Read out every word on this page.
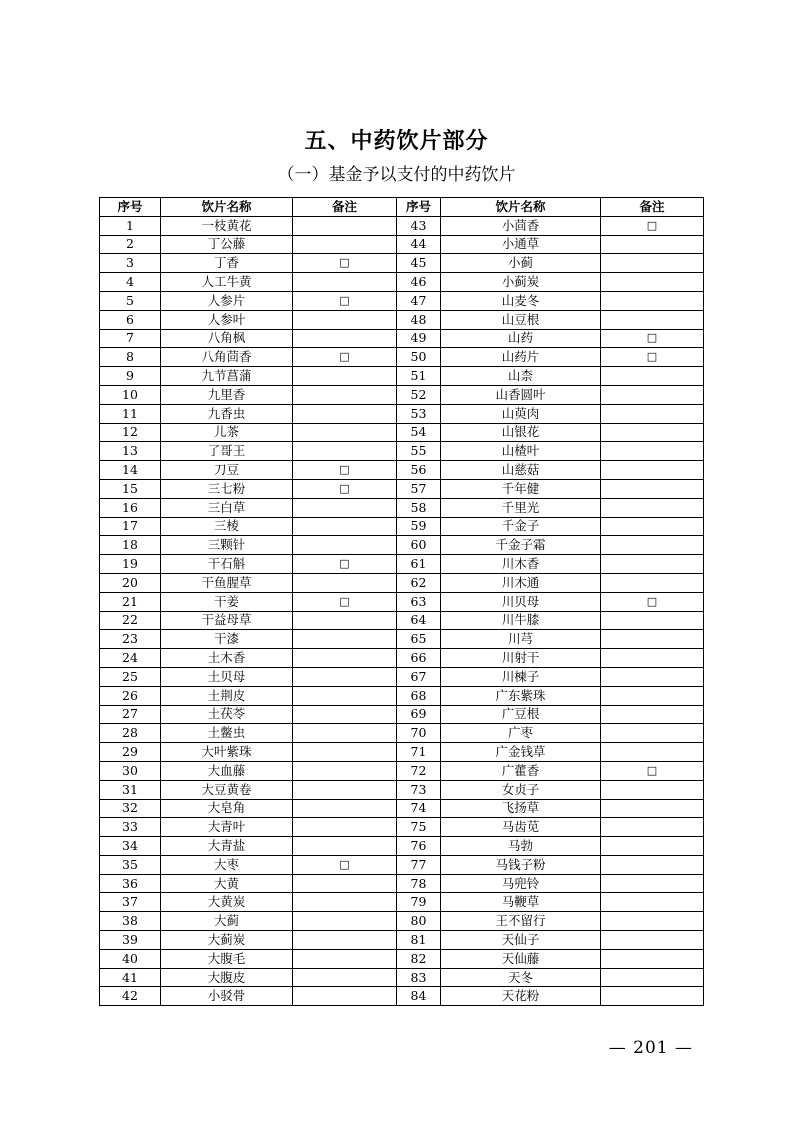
五、中药饮片部分
（一）基金予以支付的中药饮片
序号	饮片名称	备注	序号	饮片名称	备注
1	一枝黄花		43	小茴香	□
2	丁公藤		44	小通草	
3	丁香	□	45	小蓟	
4	人工牛黄		46	小蓟炭	
5	人参片	□	47	山麦冬	
6	人参叶		48	山豆根	
7	八角枫		49	山药	□
8	八角茴香	□	50	山药片	□
9	九节菖蒲		51	山柰	
10	九里香		52	山香圆叶	
11	九香虫		53	山萸肉	
12	儿茶		54	山银花	
13	了哥王		55	山楂叶	
14	刀豆	□	56	山慈菇	
15	三七粉	□	57	千年健	
16	三白草		58	千里光	
17	三棱		59	千金子	
18	三颗针		60	千金子霜	
19	干石斛	□	61	川木香	
20	干鱼腥草		62	川木通	
21	干姜	□	63	川贝母	□
22	干益母草		64	川牛膝	
23	干漆		65	川芎	
24	土木香		66	川射干	
25	土贝母		67	川楝子	
26	土荆皮		68	广东紫珠	
27	土茯苓		69	广豆根	
28	土鳖虫		70	广枣	
29	大叶紫珠		71	广金钱草	
30	大血藤		72	广藿香	□
31	大豆黄卷		73	女贞子	
32	大皂角		74	飞扬草	
33	大青叶		75	马齿苋	
34	大青盐		76	马勃	
35	大枣	□	77	马钱子粉	
36	大黄		78	马兜铃	
37	大黄炭		79	马鞭草	
38	大蓟		80	王不留行	
39	大蓟炭		81	天仙子	
40	大腹毛		82	天仙藤	
41	大腹皮		83	天冬	
42	小驳骨		84	天花粉	
— 201 —
